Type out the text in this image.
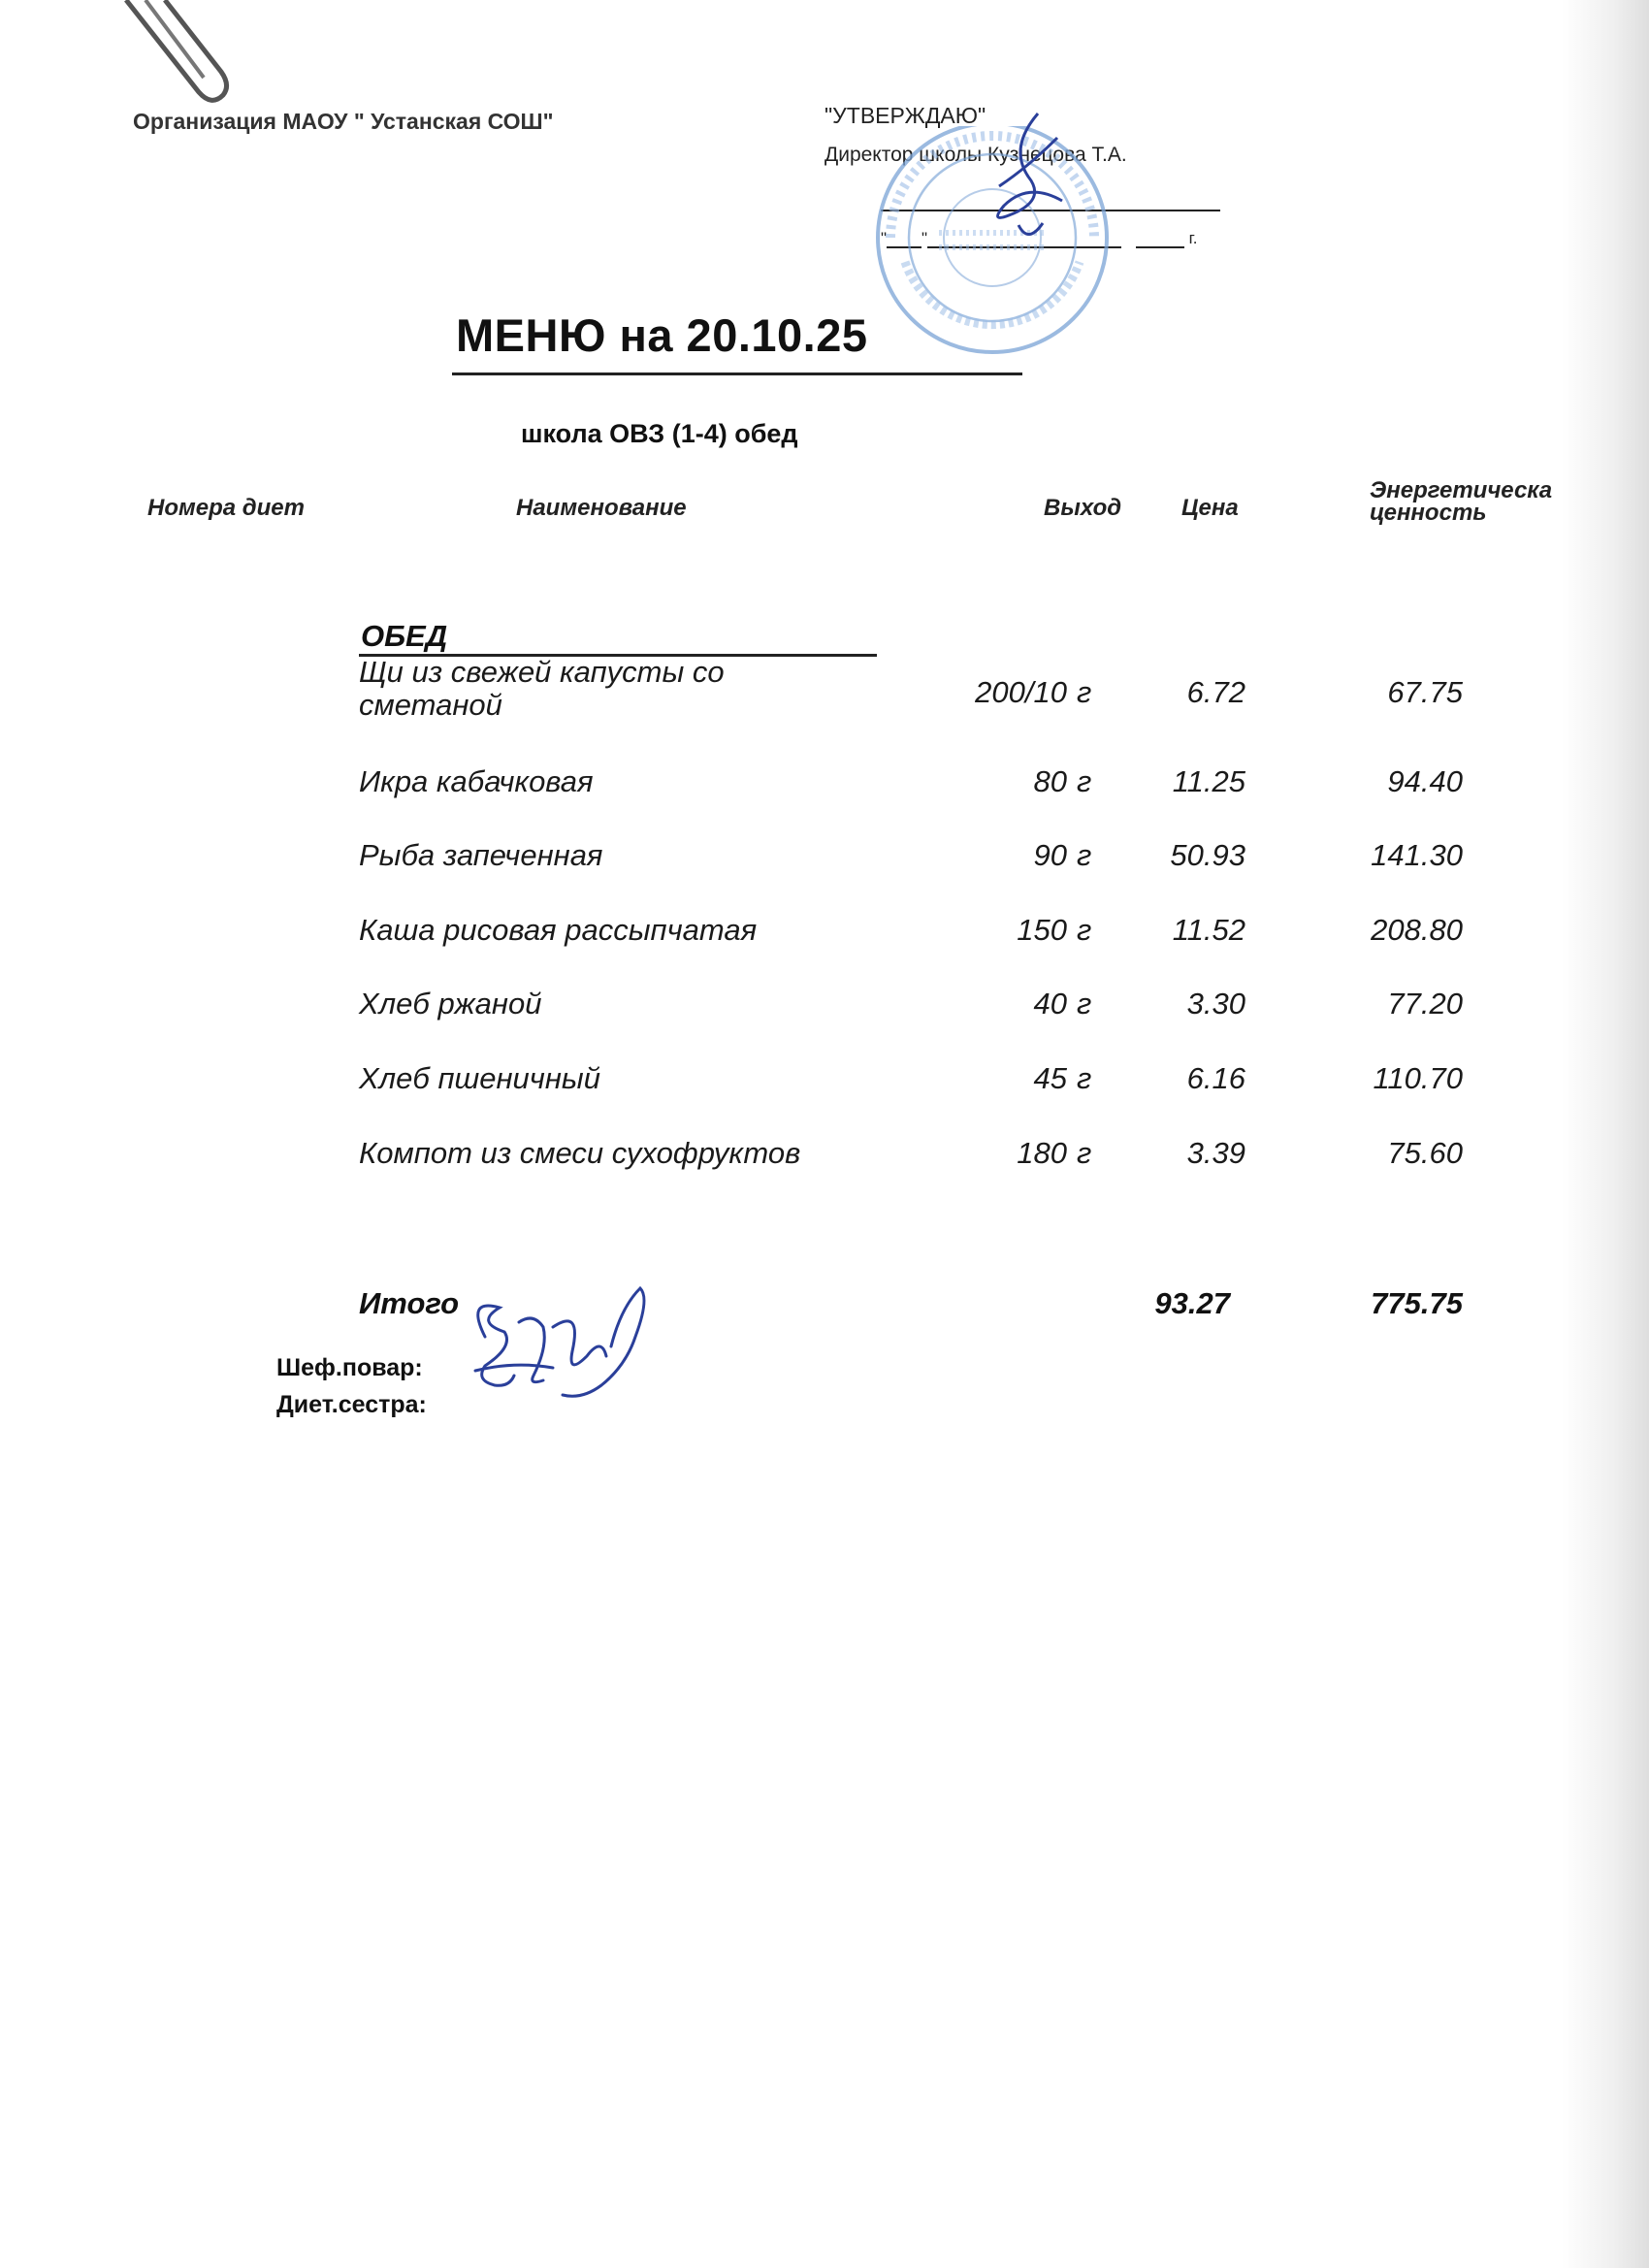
Организация МАОУ " Устанская СОШ"	"УТВЕРЖДАЮ"
Директор школы Кузнецова Т.А.
" "	г.
МЕНЮ на 20.10.25
школа ОВЗ (1-4) обед
Номера диет	Наименование	Выход	Цена
Энергетическа
ценность
ОБЕД
Щи из свежей капусты со
сметаной	200/10 г	6.72	67.75
Икра кабачковая	80 г	11.25	94.40
Рыба запеченная	90 г	50.93	141.30
Каша рисовая рассыпчатая	150 г	11.52	208.80
Хлеб ржаной	40 г	3.30	77.20
Хлеб пшеничный	45 г	6.16	110.70
Компот из смеси сухофруктов	180 г	3.39	75.60
Итого	93.27	775.75
Шеф.повар:
Диет.сестра:
